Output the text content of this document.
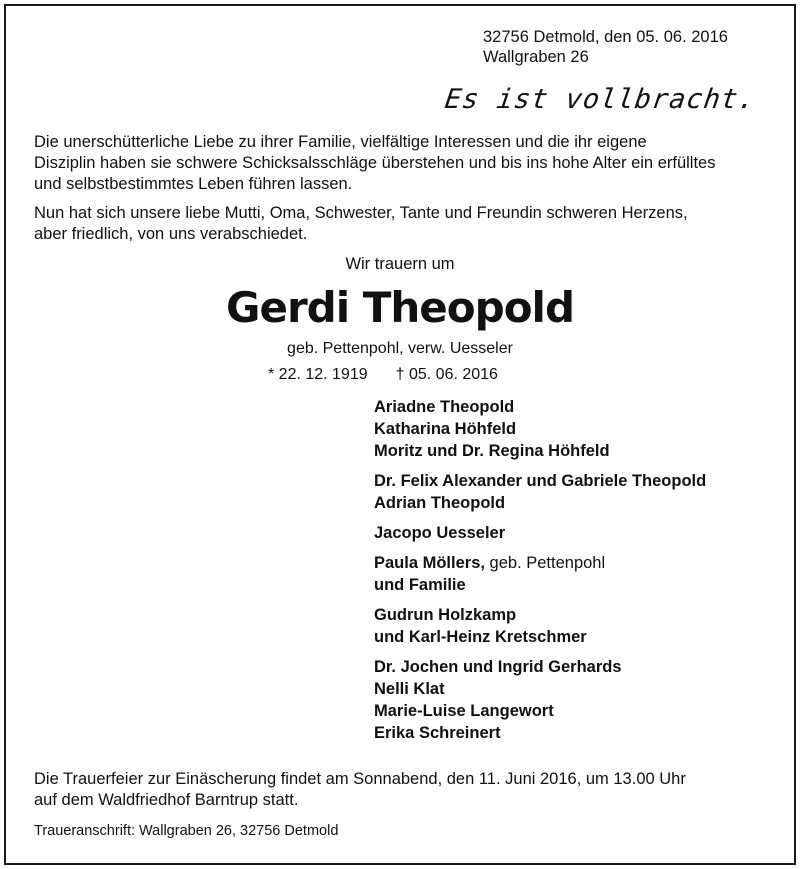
32756 Detmold, den 05. 06. 2016
Wallgraben 26
Es ist vollbracht.
Die unerschütterliche Liebe zu ihrer Familie, vielfältige Interessen und die ihr eigene
Disziplin haben sie schwere Schicksalsschläge überstehen und bis ins hohe Alter ein erfülltes
und selbstbestimmtes Leben führen lassen.
Nun hat sich unsere liebe Mutti, Oma, Schwester, Tante und Freundin schweren Herzens,
aber friedlich, von uns verabschiedet.
Wir trauern um
Gerdi Theopold
geb. Pettenpohl, verw. Uesseler
* 22. 12. 1919 † 05. 06. 2016
Ariadne Theopold
Katharina Höhfeld
Moritz und Dr. Regina Höhfeld
Dr. Felix Alexander und Gabriele Theopold
Adrian Theopold
Jacopo Uesseler
Paula Möllers, geb. Pettenpohl
und Familie
Gudrun Holzkamp
und Karl-Heinz Kretschmer
Dr. Jochen und Ingrid Gerhards
Nelli Klat
Marie-Luise Langewort
Erika Schreinert
Die Trauerfeier zur Einäscherung findet am Sonnabend, den 11. Juni 2016, um 13.00 Uhr
auf dem Waldfriedhof Barntrup statt.
Traueranschrift: Wallgraben 26, 32756 Detmold
